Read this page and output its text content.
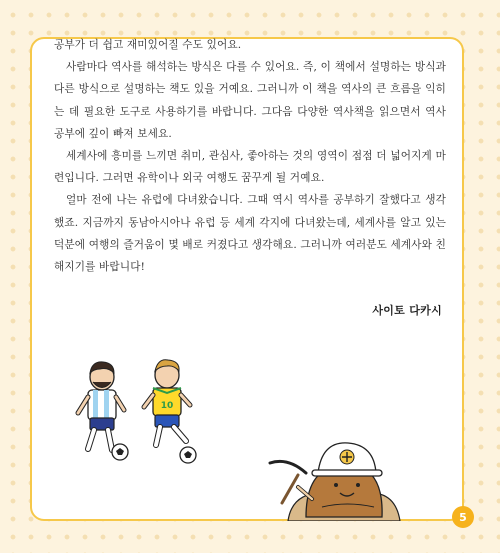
공부가 더 쉽고 재미있어질 수도 있어요.

사람마다 역사를 해석하는 방식은 다를 수 있어요. 즉, 이 책에서 설명하는 방식과 다른 방식으로 설명하는 책도 있을 거예요. 그러니까 이 책을 역사의 큰 흐름을 익히는 데 필요한 도구로 사용하기를 바랍니다. 그다음 다양한 역사책을 읽으면서 역사 공부에 깊이 빠져 보세요.

세계사에 흥미를 느끼면 취미, 관심사, 좋아하는 것의 영역이 점점 더 넓어지게 마련입니다. 그러면 유학이나 외국 여행도 꿈꾸게 될 거예요.

얼마 전에 나는 유럽에 다녀왔습니다. 그때 역시 역사를 공부하기 잘했다고 생각했죠. 지금까지 동남아시아나 유럽 등 세계 각지에 다녀왔는데, 세계사를 알고 있는 덕분에 여행의 즐거움이 몇 배로 커졌다고 생각해요. 그러니까 여러분도 세계사와 친해지기를 바랍니다!

사이토 다카시
10
5
